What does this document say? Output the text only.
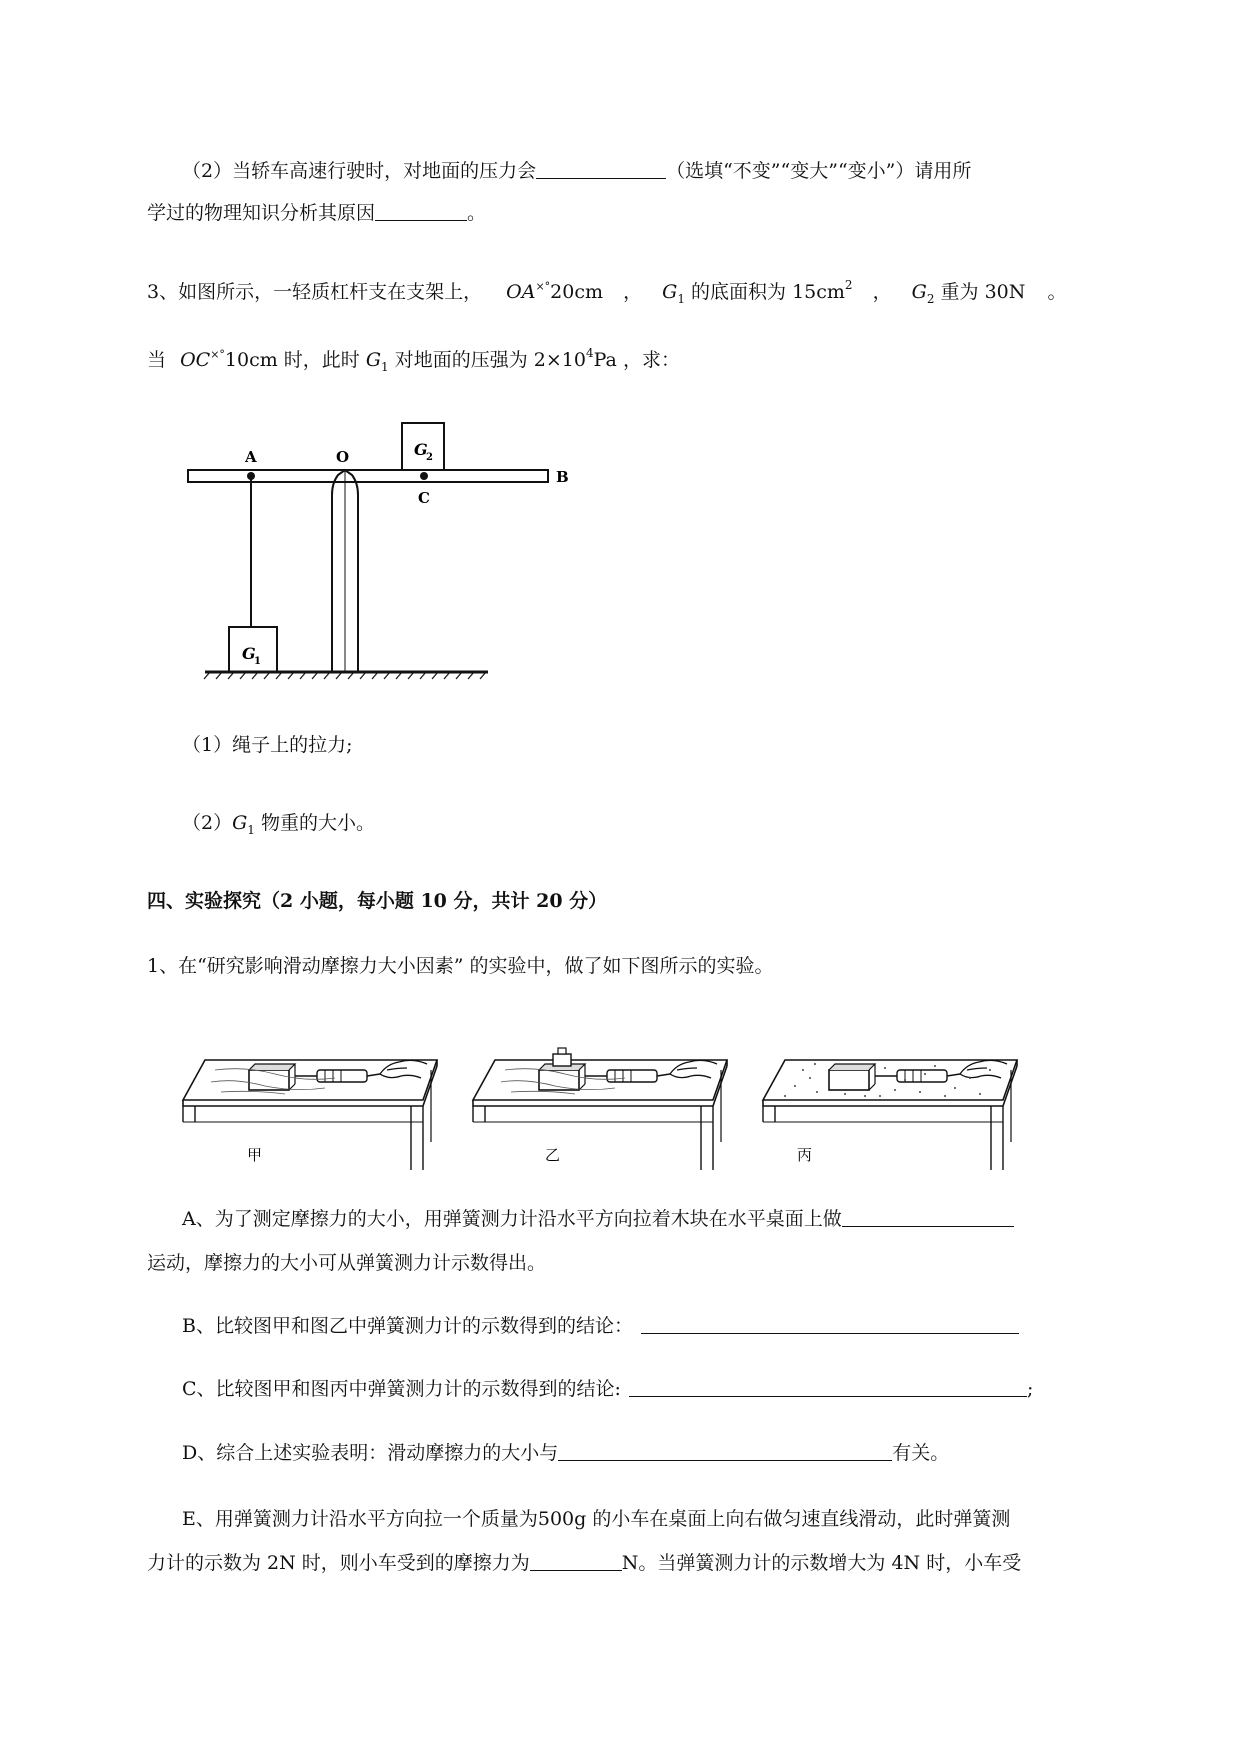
（2）当轿车高速行驶时，对地面的压力会	（选填“不变”“变大”“变小”）请用所
学过的物理知识分析其原因	。
3、如图所示，一轻质杠杆支在支架上， OA×°20cm ， $G_1$ 的底面积为 $15cm^2$ ， $G_2$ 重为 30N 。
当 OC×°10cm 时，此时 $G_1$ 对地面的压强为 $2\times 10^4Pa$ ，求：
G
2
A
G
1
O
C
B
（1）绳子上的拉力;
$(2)G_1$ 物重的大小。
四、实验探究（2 小题，每小题 10 分，共计 20 分）
1、在“研究影响滑动摩擦力大小因素” 的实验中，做了如下图所示的实验。
甲	乙	丙
A、为了测定摩擦力的大小，用弹簧测力计沿水平方向拉着木块在水平桌面上做
运动，摩擦力的大小可从弹簧测力计示数得出。
B、比较图甲和图乙中弹簧测力计的示数得到的结论：
C、比较图甲和图丙中弹簧测力计的示数得到的结论:	;
D、综合上述实验表明：滑动摩擦力的大小与	有关。
E、用弹簧测力计沿水平方向拉一个质量为500g 的小车在桌面上向右做匀速直线滑动，此时弹簧测
力计的示数为 2N 时，则小车受到的摩擦力为	N。当弹簧测力计的示数增大为 4N 时，小车受
